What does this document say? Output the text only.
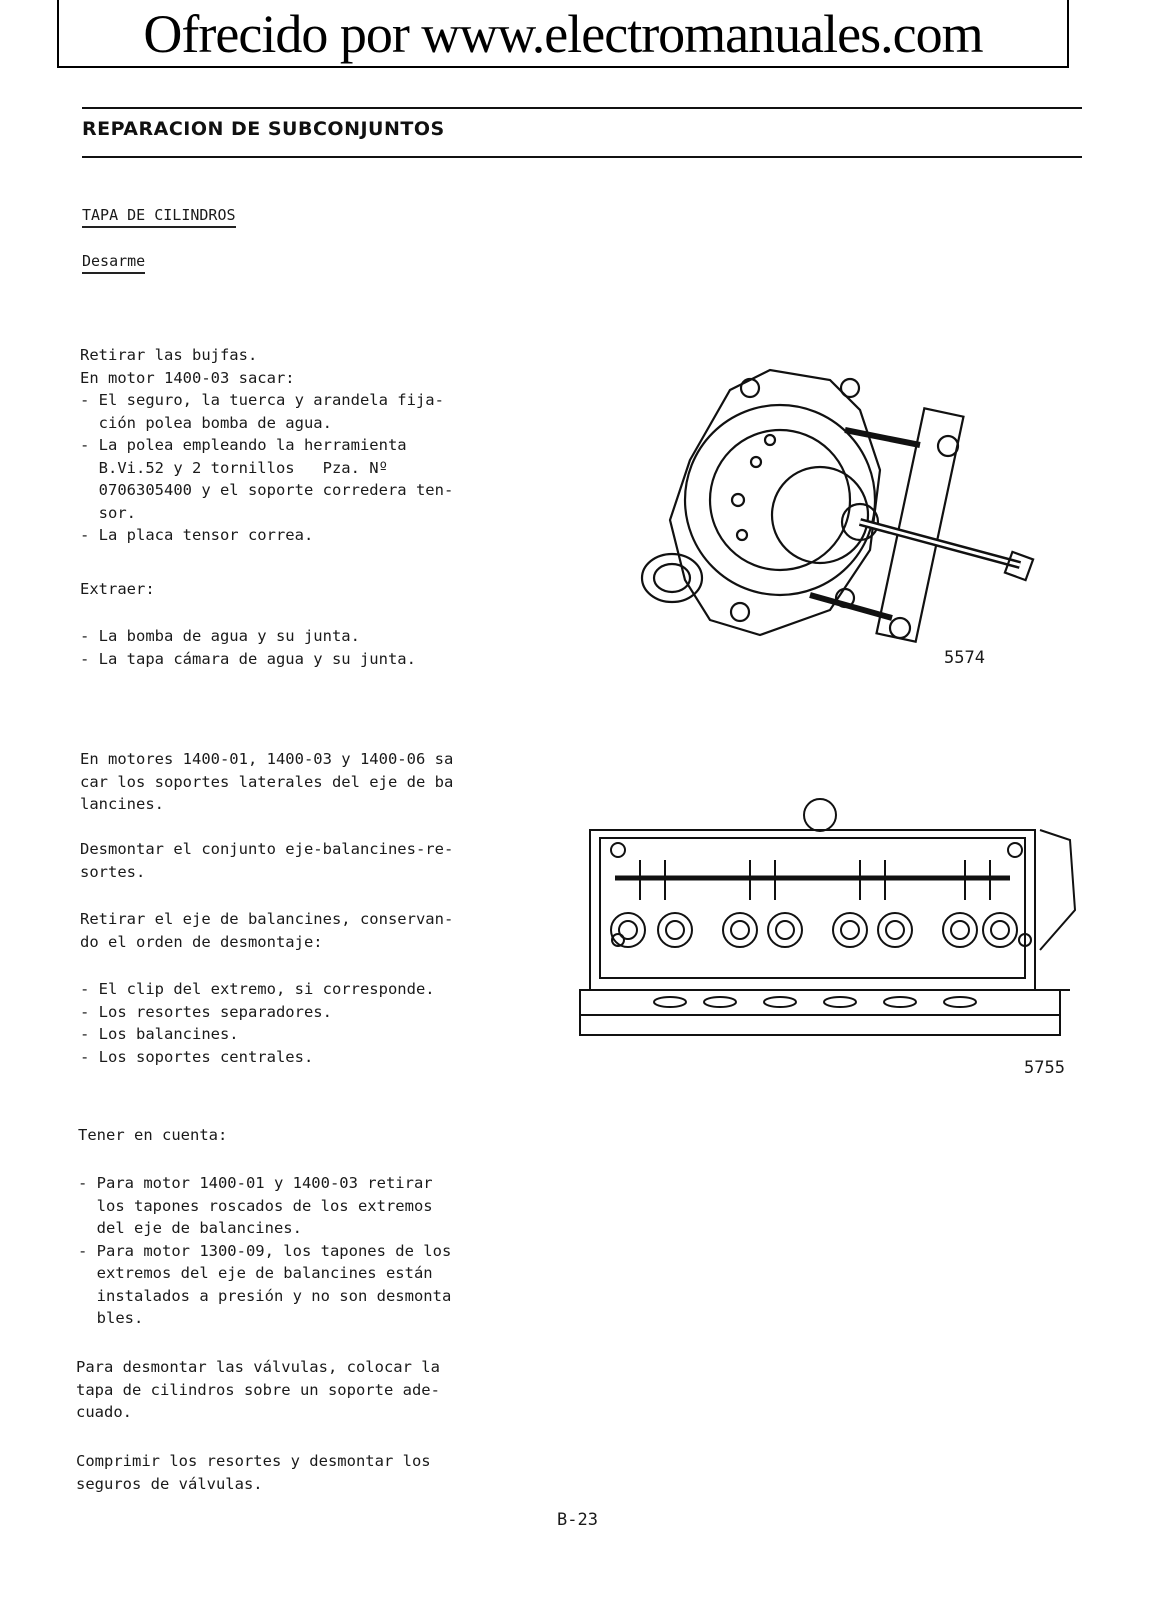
Ofrecido por www.electromanuales.com
REPARACION DE SUBCONJUNTOS
TAPA DE CILINDROS
Desarme
Retirar las bujfas.
En motor 1400-03 sacar:
- El seguro, la tuerca y arandela fija-
ción polea bomba de agua.
- La polea empleando la herramienta
B.Vi.52 y 2 tornillos   Pza. Nº
0706305400 y el soporte corredera ten-
sor.
- La placa tensor correa.
Extraer:
- La bomba de agua y su junta.
- La tapa cámara de agua y su junta.
En motores 1400-01, 1400-03 y 1400-06 sa
car los soportes laterales del eje de ba
lancines.
Desmontar el conjunto eje-balancines-re-
sortes.
Retirar el eje de balancines, conservan-
do el orden de desmontaje:
- El clip del extremo, si corresponde.
- Los resortes separadores.
- Los balancines.
- Los soportes centrales.
Tener en cuenta:
- Para motor 1400-01 y 1400-03 retirar
los tapones roscados de los extremos
del eje de balancines.
- Para motor 1300-09, los tapones de los
extremos del eje de balancines están
instalados a presión y no son desmonta
bles.
Para desmontar las válvulas, colocar la
tapa de cilindros sobre un soporte ade-
cuado.
Comprimir los resortes y desmontar los
seguros de válvulas.
5574
5755
B-23
